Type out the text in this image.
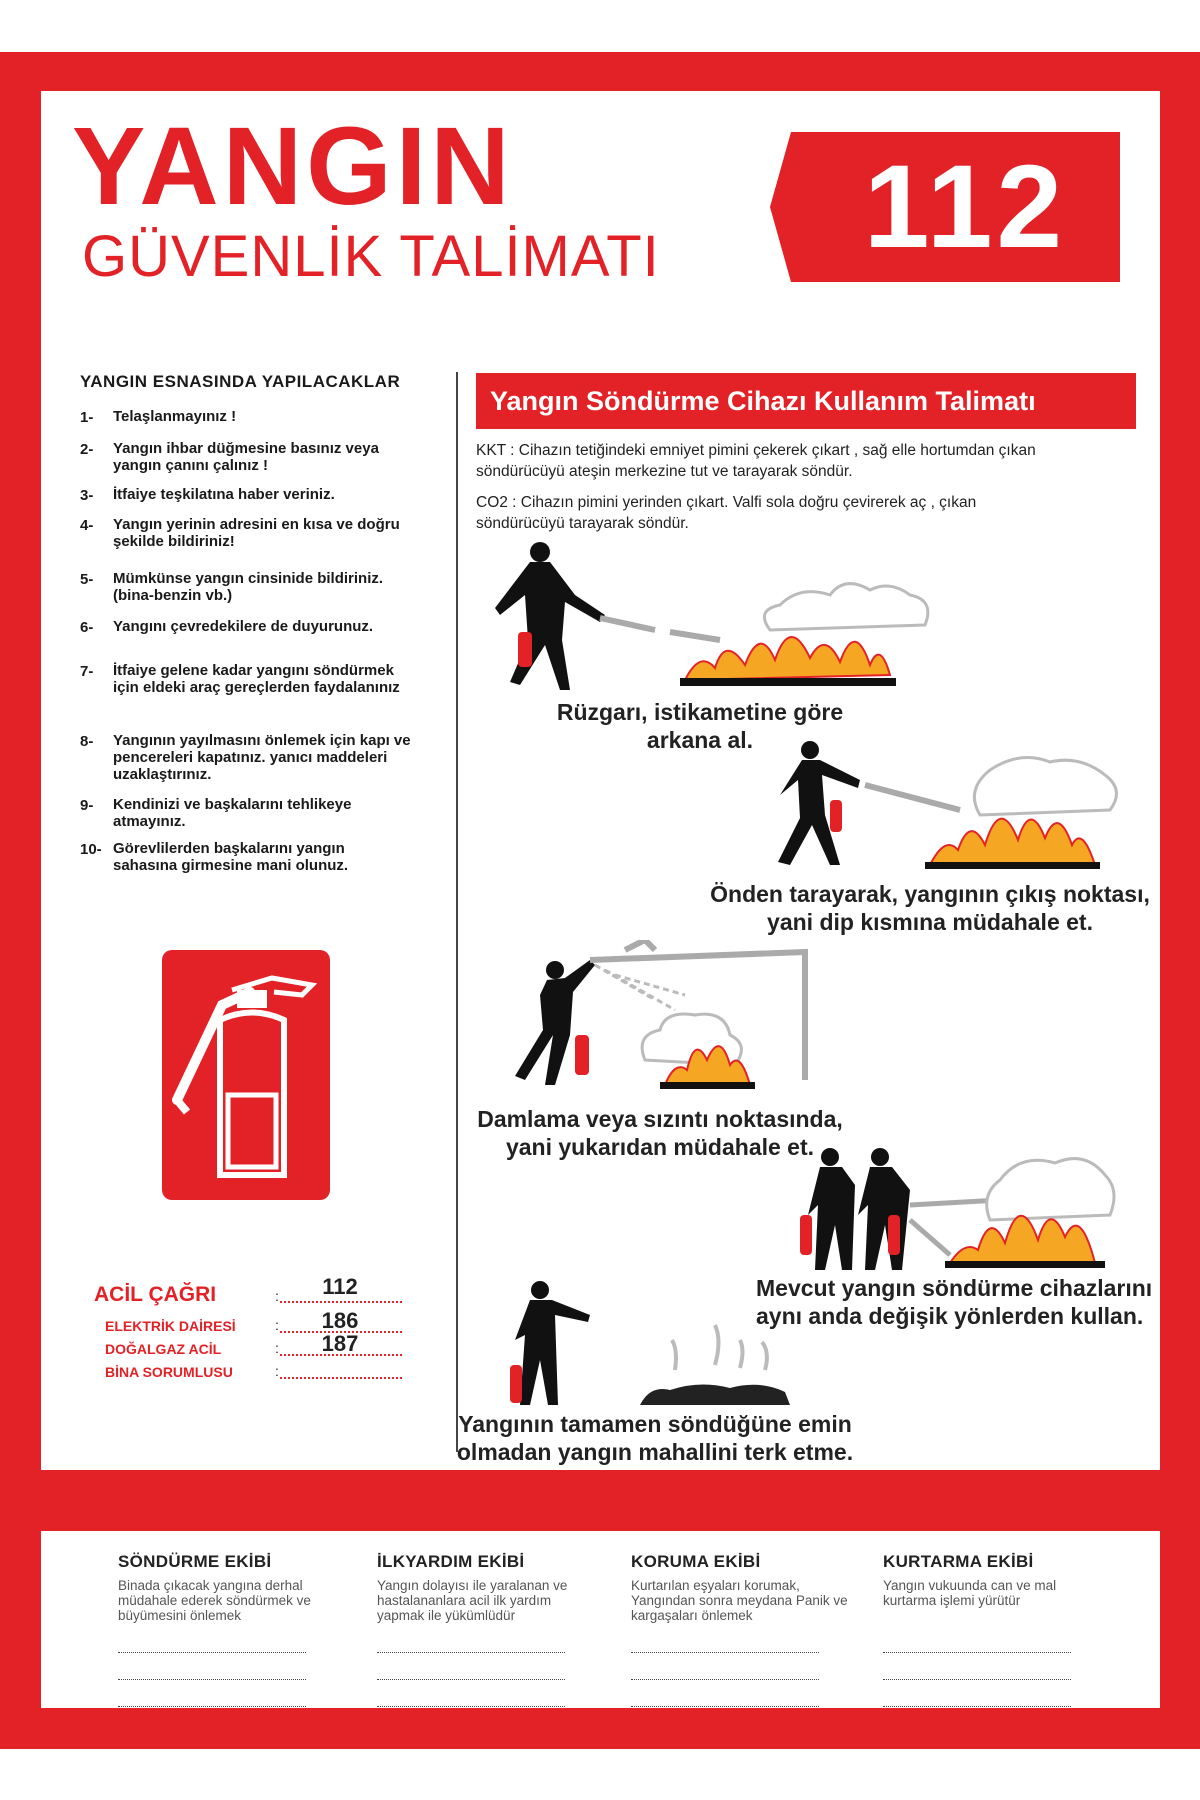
YANGIN
GÜVENLİK TALİMATI	112
YANGIN ESNASINDA YAPILACAKLAR
1-	Telaşlanmayınız !
2-	Yangın ihbar düğmesine basınız veya yangın çanını çalınız !
3-	İtfaiye teşkilatına haber veriniz.
4-	Yangın yerinin adresini en kısa ve doğru şekilde bildiriniz!
5-	Mümkünse yangın cinsinide bildiriniz. (bina-benzin vb.)
6-	Yangını çevredekilere de duyurunuz.
7-	İtfaiye gelene kadar yangını söndürmek için eldeki araç gereçlerden faydalanınız
8-	Yangının yayılmasını önlemek için kapı ve pencereleri kapatınız. yanıcı maddeleri uzaklaştırınız.
9-	Kendinizi ve başkalarını tehlikeye atmayınız.
10- Görevlilerden başkalarını yangın sahasına girmesine mani olunuz.
ACİL ÇAĞRI	:	112
ELEKTRİK DAİRESİ	:	186
DOĞALGAZ ACİL	:	187
BİNA SORUMLUSU	:
Yangın Söndürme Cihazı Kullanım Talimatı
KKT : Cihazın tetiğindeki emniyet pimini çekerek çıkart , sağ elle hortumdan çıkan söndürücüyü ateşin merkezine tut ve tarayarak söndür.
CO2 : Cihazın pimini yerinden çıkart. Valfi sola doğru çevirerek aç , çıkan söndürücüyü tarayarak söndür.
Rüzgarı, istikametine göre arkana al.
Önden tarayarak, yangının çıkış noktası, yani dip kısmına müdahale et.
Damlama veya sızıntı noktasında, yani yukarıdan müdahale et.
Mevcut yangın söndürme cihazlarını aynı anda değişik yönlerden kullan.
Yangının tamamen söndüğüne emin olmadan yangın mahallini terk etme.
SÖNDÜRME EKİBİ
Binada çıkacak yangına derhal müdahale ederek söndürmek ve büyümesini önlemek
İLKYARDIM EKİBİ
Yangın dolayısı ile yaralanan ve hastalananlara acil ilk yardım yapmak ile yükümlüdür
KORUMA EKİBİ
Kurtarılan eşyaları korumak, Yangından sonra meydana Panik ve kargaşaları önlemek
KURTARMA EKİBİ
Yangın vukuunda can ve mal kurtarma işlemi yürütür
